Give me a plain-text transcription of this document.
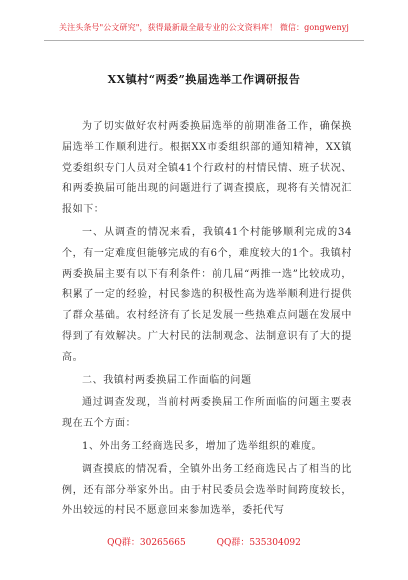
关注头条号"公文研究"，获得最新最全最专业的公文资料库！ 微信：gongwenyj
XX镇村“两委”换届选举工作调研报告

为了切实做好农村两委换届选举的前期准备工作，确保换届选举工作顺利进行。根据XX市委组织部的通知精神，XX镇党委组织专门人员对全镇41个行政村的村情民情、班子状况、和两委换届可能出现的问题进行了调查摸底，现将有关情况汇报如下：

一、从调查的情况来看，我镇41个村能够顺利完成的34个，有一定难度但能够完成的有6个，难度较大的1个。我镇村两委换届主要有以下有利条件：前几届“两推一选”比较成功，积累了一定的经验，村民参选的积极性高为选举顺利进行提供了群众基础。农村经济有了长足发展一些热难点问题在发展中得到了有效解决。广大村民的法制观念、法制意识有了大的提高。

二、我镇村两委换届工作面临的问题

通过调查发现，当前村两委换届工作所面临的问题主要表现在五个方面：

1、外出务工经商选民多，增加了选举组织的难度。

调查摸底的情况看，全镇外出务工经商选民占了相当的比例，还有部分举家外出。由于村民委员会选举时间跨度较长，外出较远的村民不愿意回来参加选举，委托代写

QQ群：30265665	QQ群：535304092
